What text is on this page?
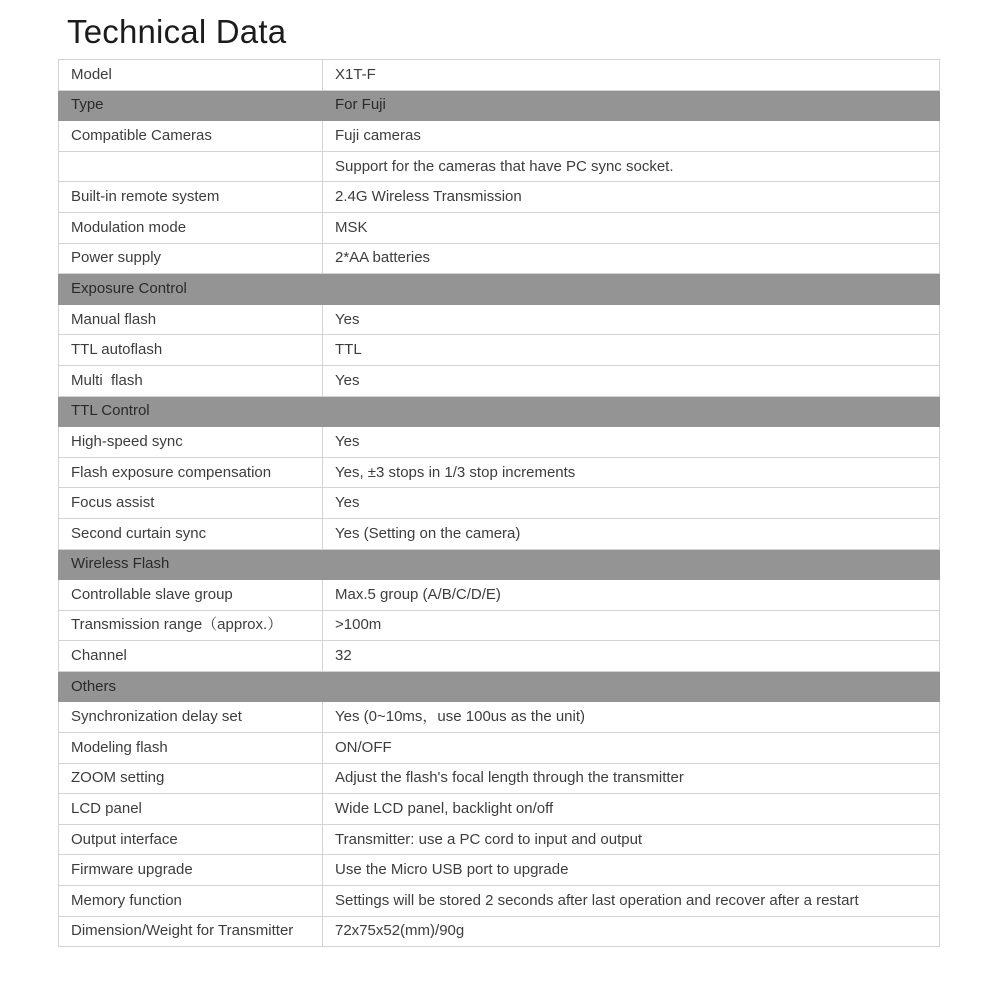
Technical Data
Model	X1T-F
Type	For Fuji
Compatible Cameras	Fuji cameras
	Support for the cameras that have PC sync socket.
Built-in remote system	2.4G Wireless Transmission
Modulation mode	MSK
Power supply	2*AA batteries
Exposure Control	
Manual flash	Yes
TTL autoflash	TTL
Multi  flash	Yes
TTL Control	
High-speed sync	Yes
Flash exposure compensation	Yes, ±3 stops in 1/3 stop increments
Focus assist	Yes
Second curtain sync	Yes (Setting on the camera)
Wireless Flash	
Controllable slave group	Max.5 group (A/B/C/D/E)
Transmission range（approx.）	>100m
Channel	32
Others	
Synchronization delay set	Yes (0~10ms，use 100us as the unit)
Modeling flash	ON/OFF
ZOOM setting	Adjust the flash's focal length through the transmitter
LCD panel	Wide LCD panel, backlight on/off
Output interface	Transmitter: use a PC cord to input and output
Firmware upgrade	Use the Micro USB port to upgrade
Memory function	Settings will be stored 2 seconds after last operation and recover after a restart
Dimension/Weight for Transmitter	72x75x52(mm)/90g
